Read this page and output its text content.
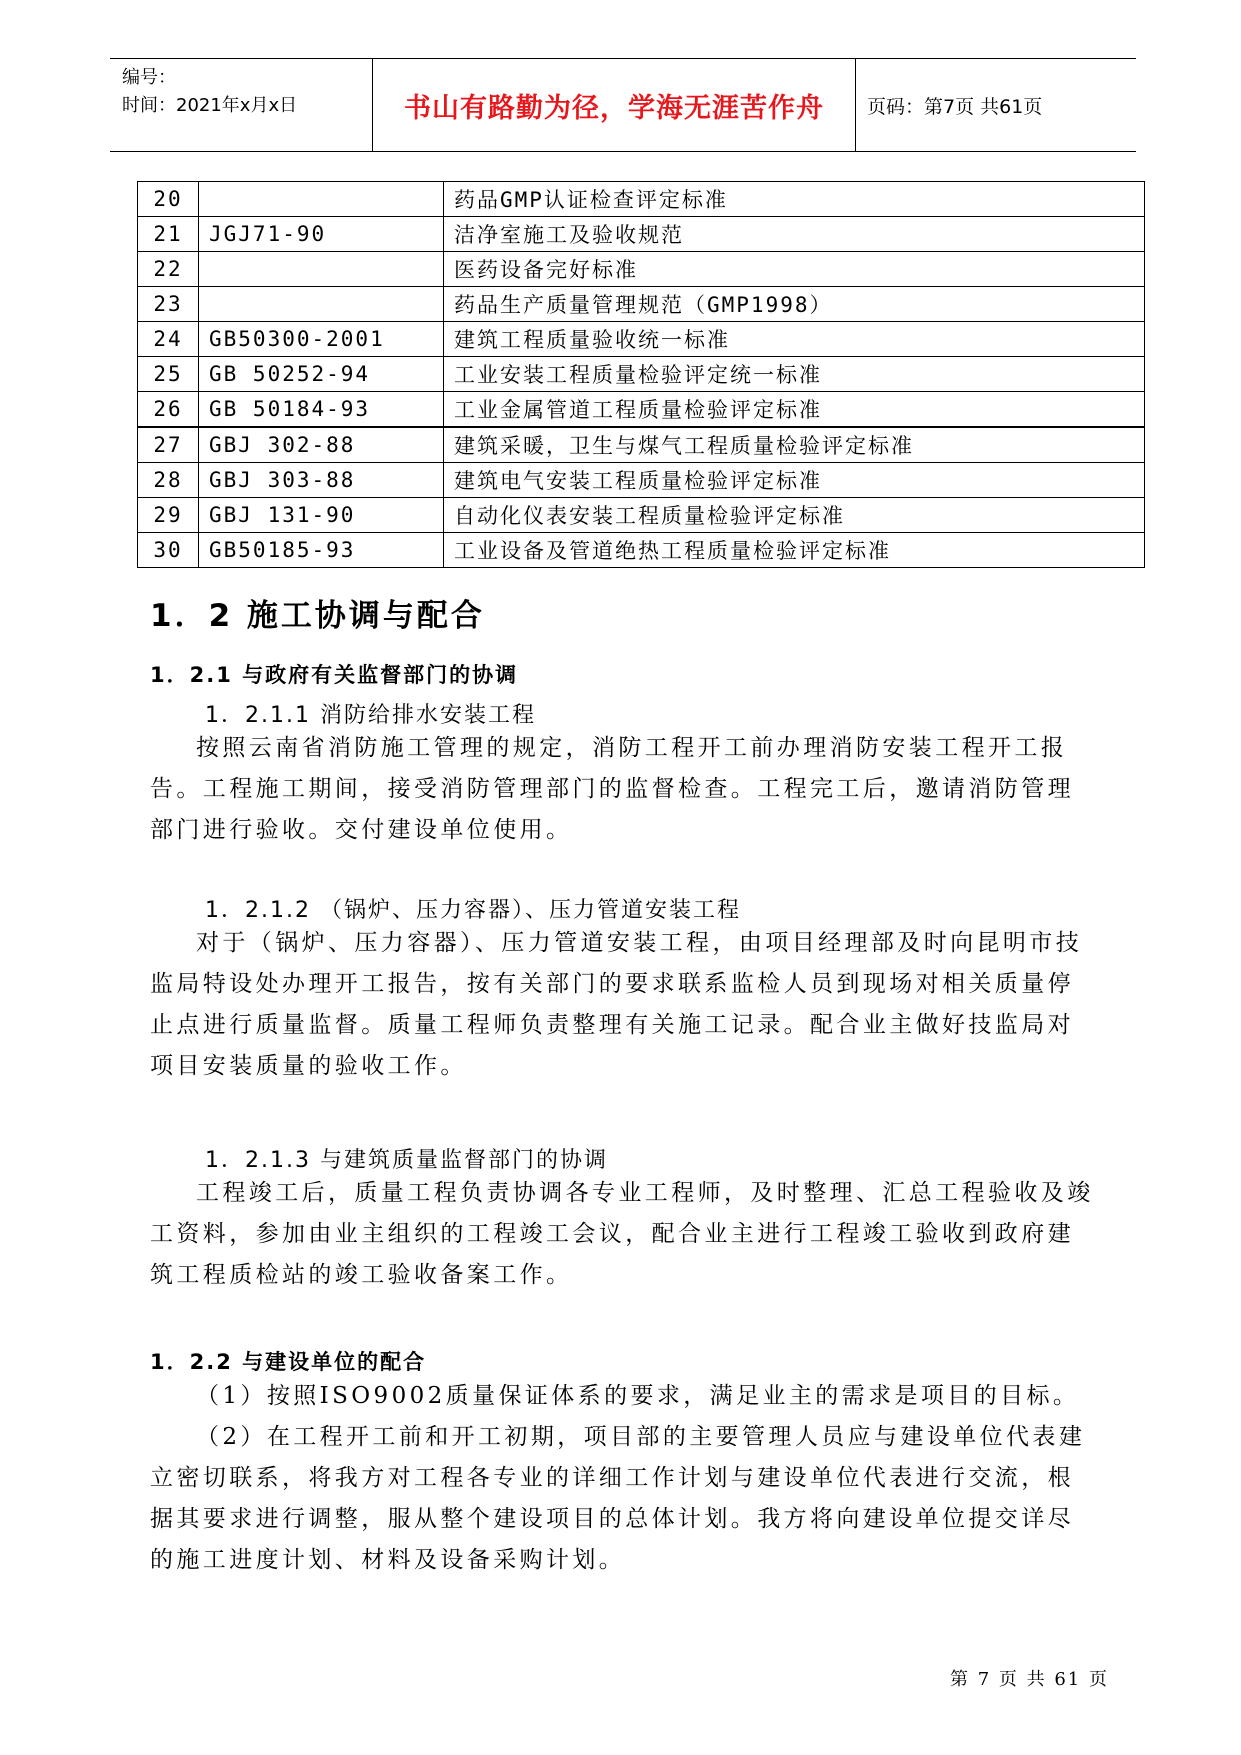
编号：
时间：2021年x月x日	书山有路勤为径，学海无涯苦作舟 页码：第7页 共61页
20		药品GMP认证检查评定标准
21	JGJ71-90	洁净室施工及验收规范
22		医药设备完好标准
23		药品生产质量管理规范（GMP1998）
24	GB50300-2001	建筑工程质量验收统一标准
25	GB 50252-94	工业安装工程质量检验评定统一标准
26	GB 50184-93	工业金属管道工程质量检验评定标准
27	GBJ 302-88	建筑采暖，卫生与煤气工程质量检验评定标准
28	GBJ 303-88	建筑电气安装工程质量检验评定标准
29	GBJ 131-90	自动化仪表安装工程质量检验评定标准
30	GB50185-93	工业设备及管道绝热工程质量检验评定标准
1．2 施工协调与配合
1．2.1 与政府有关监督部门的协调
1．2.1.1 消防给排水安装工程

按照云南省消防施工管理的规定，消防工程开工前办理消防安装工程开工报告。工程施工期间，接受消防管理部门的监督检查。工程完工后，邀请消防管理部门进行验收。交付建设单位使用。

1．2.1.2 （锅炉、压力容器）、压力管道安装工程

对于（锅炉、压力容器）、压力管道安装工程，由项目经理部及时向昆明市技监局特设处办理开工报告，按有关部门的要求联系监检人员到现场对相关质量停止点进行质量监督。质量工程师负责整理有关施工记录。配合业主做好技监局对项目安装质量的验收工作。

1．2.1.3 与建筑质量监督部门的协调

工程竣工后，质量工程负责协调各专业工程师，及时整理、汇总工程验收及竣工资料，参加由业主组织的工程竣工会议，配合业主进行工程竣工验收到政府建筑工程质检站的竣工验收备案工作。

1．2.2 与建设单位的配合

（1）按照ISO9002质量保证体系的要求，满足业主的需求是项目的目标。

（2）在工程开工前和开工初期，项目部的主要管理人员应与建设单位代表建立密切联系，将我方对工程各专业的详细工作计划与建设单位代表进行交流，根据其要求进行调整，服从整个建设项目的总体计划。我方将向建设单位提交详尽的施工进度计划、材料及设备采购计划。

第 7 页 共 61 页
